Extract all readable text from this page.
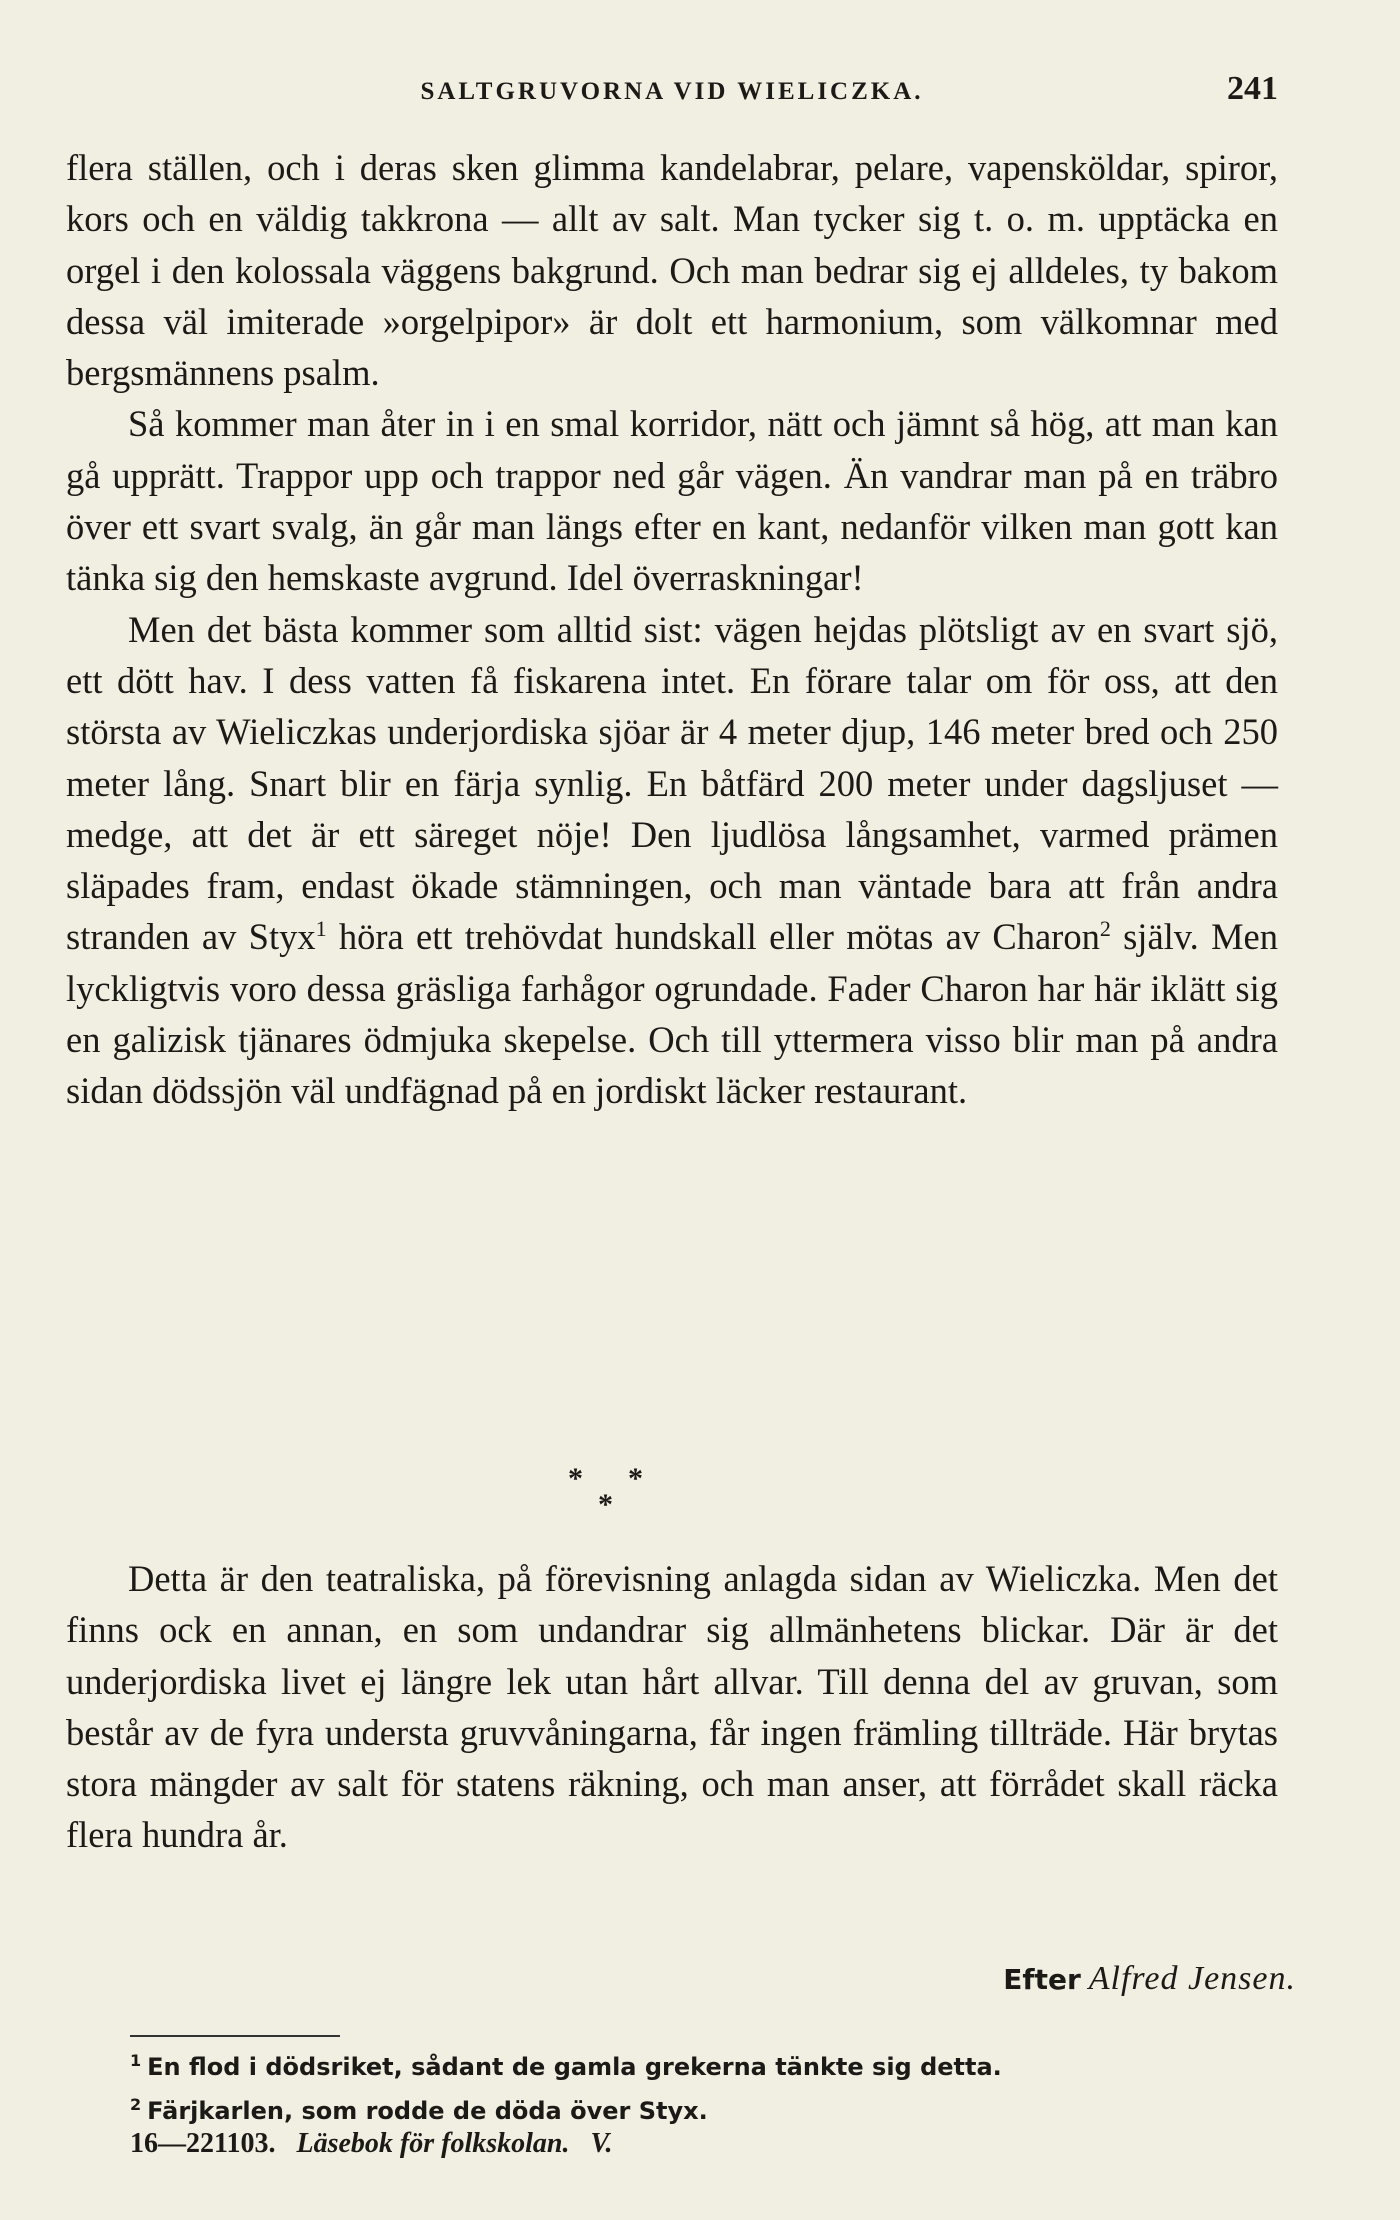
SALTGRUVORNA VID WIELICZKA.	241

flera ställen, och i deras sken glimma kandelabrar, pelare, vapensköldar, spiror, kors och en väldig takkrona — allt av salt. Man tycker sig t. o. m. upptäcka en orgel i den kolossala väggens bakgrund. Och man bedrar sig ej alldeles, ty bakom dessa väl imiterade »orgelpipor» är dolt ett harmonium, som välkomnar med bergsmännens psalm.

Så kommer man åter in i en smal korridor, nätt och jämnt så hög, att man kan gå upprätt. Trappor upp och trappor ned går vägen. Än vandrar man på en träbro över ett svart svalg, än går man längs efter en kant, nedanför vilken man gott kan tänka sig den hemskaste avgrund. Idel överraskningar!

Men det bästa kommer som alltid sist: vägen hejdas plötsligt av en svart sjö, ett dött hav. I dess vatten få fiskarena intet. En förare talar om för oss, att den största av Wieliczkas underjordiska sjöar är 4 meter djup, 146 meter bred och 250 meter lång. Snart blir en färja synlig. En båtfärd 200 meter under dagsljuset — medge, att det är ett säreget nöje! Den ljudlösa långsamhet, varmed prämen släpades fram, endast ökade stämningen, och man väntade bara att från andra stranden av Styx$^1$ höra ett trehövdat hundskall eller mötas av Charon$^2$ själv. Men lyckligtvis voro dessa gräsliga farhågor ogrundade. Fader Charon har här iklätt sig en galizisk tjänares ödmjuka skepelse. Och till yttermera visso blir man på andra sidan dödssjön väl undfägnad på en jordiskt läcker restaurant.

*
*
*

Detta är den teatraliska, på förevisning anlagda sidan av Wieliczka. Men det finns ock en annan, en som undandrar sig allmänhetens blickar. Där är det underjordiska livet ej längre lek utan hårt allvar. Till denna del av gruvan, som består av de fyra understa gruvvåningarna, får ingen främling tillträde. Här brytas stora mängder av salt för statens räkning, och man anser, att förrådet skall räcka flera hundra år.

Efter Alfred Jensen.
$^1$ En flod i dödsriket, sådant de gamla grekerna tänkte sig detta.
$^2$ Färjkarlen, som rodde de döda över Styx.
16—221103. Läsebok för folkskolan. V.
